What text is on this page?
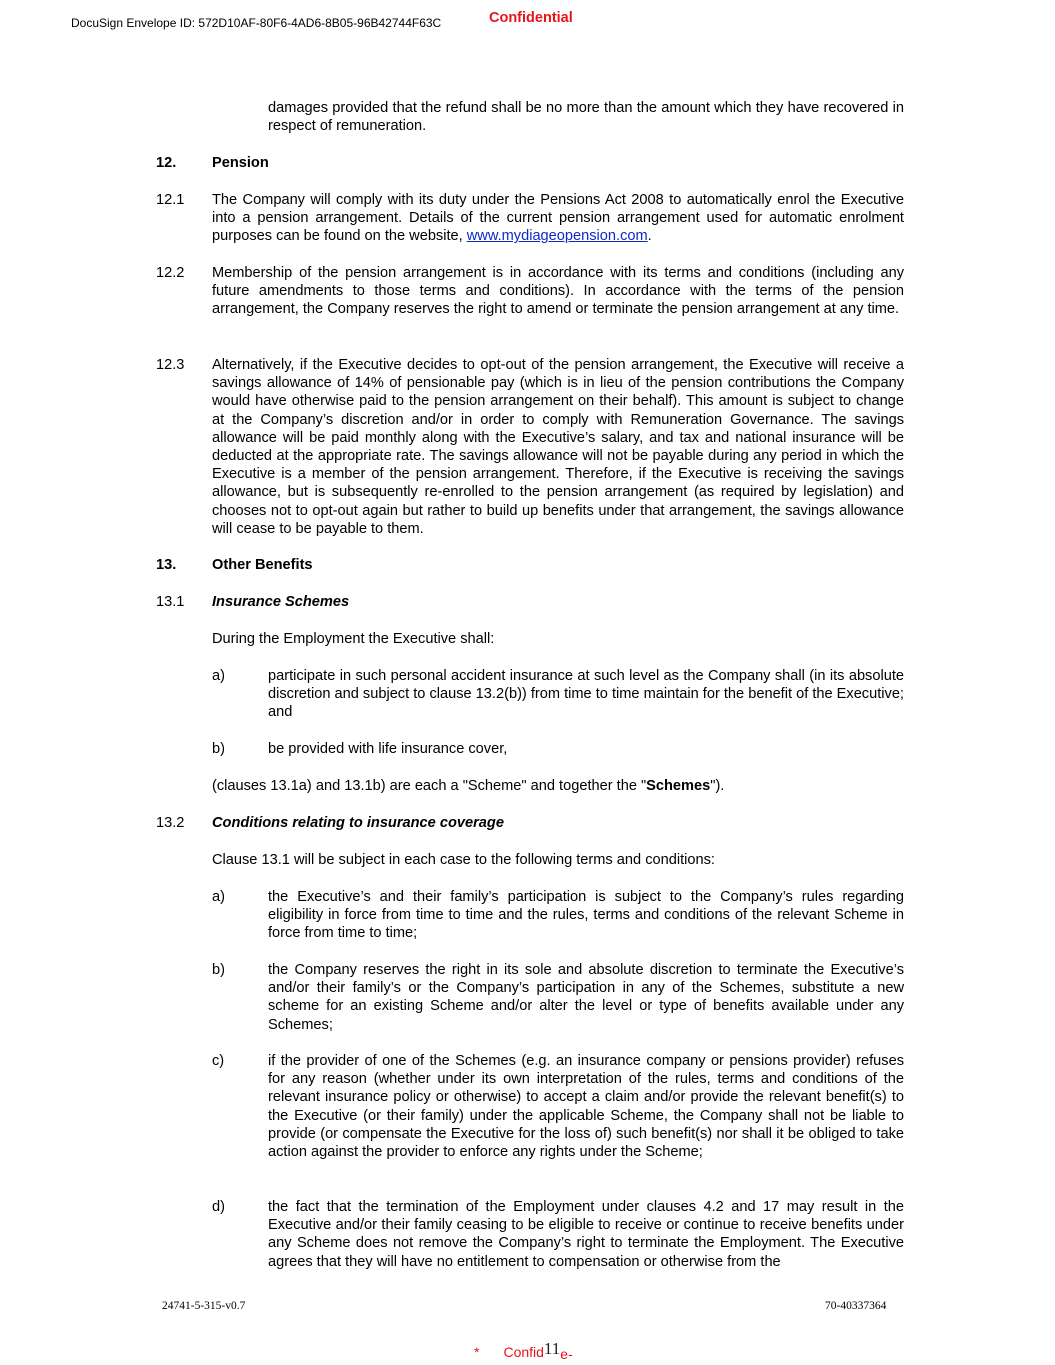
DocuSign Envelope ID: 572D10AF-80F6-4AD6-8B05-96B42744F63C	Confidential
damages provided that the refund shall be no more than the amount which they have recovered in respect of remuneration.
12. Pension
12.1 The Company will comply with its duty under the Pensions Act 2008 to automatically enrol the Executive into a pension arrangement. Details of the current pension arrangement used for automatic enrolment purposes can be found on the website, www.mydiageopension.com.
12.2 Membership of the pension arrangement is in accordance with its terms and conditions (including any future amendments to those terms and conditions). In accordance with the terms of the pension arrangement, the Company reserves the right to amend or terminate the pension arrangement at any time.
12.3 Alternatively, if the Executive decides to opt-out of the pension arrangement, the Executive will receive a savings allowance of 14% of pensionable pay (which is in lieu of the pension contributions the Company would have otherwise paid to the pension arrangement on their behalf). This amount is subject to change at the Company’s discretion and/or in order to comply with Remuneration Governance. The savings allowance will be paid monthly along with the Executive’s salary, and tax and national insurance will be deducted at the appropriate rate. The savings allowance will not be payable during any period in which the Executive is a member of the pension arrangement. Therefore, if the Executive is receiving the savings allowance, but is subsequently re-enrolled to the pension arrangement (as required by legislation) and chooses not to opt-out again but rather to build up benefits under that arrangement, the savings allowance will cease to be payable to them.
13. Other Benefits
13.1 Insurance Schemes
During the Employment the Executive shall:
a)	participate in such personal accident insurance at such level as the Company shall (in its absolute discretion and subject to clause 13.2(b)) from time to time maintain for the benefit of the Executive; and
b)	be provided with life insurance cover,
(clauses 13.1a) and 13.1b) are each a "Scheme" and together the "Schemes").
13.2 Conditions relating to insurance coverage
Clause 13.1 will be subject in each case to the following terms and conditions:
a)	the Executive’s and their family’s participation is subject to the Company’s rules regarding eligibility in force from time to time and the rules, terms and conditions of the relevant Scheme in force from time to time;
b)	the Company reserves the right in its sole and absolute discretion to terminate the Executive’s and/or their family’s or the Company’s participation in any of the Schemes, substitute a new scheme for an existing Scheme and/or alter the level or type of benefits available under any Schemes;
c)	if the provider of one of the Schemes (e.g. an insurance company or pensions provider) refuses for any reason (whether under its own interpretation of the rules, terms and conditions of the relevant insurance policy or otherwise) to accept a claim and/or provide the relevant benefit(s) to the Executive (or their family) under the applicable Scheme, the Company shall not be liable to provide (or compensate the Executive for the loss of) such benefit(s) nor shall it be obliged to take action against the provider to enforce any rights under the Scheme;
d)	the fact that the termination of the Employment under clauses 4.2 and 17 may result in the Executive and/or their family ceasing to be eligible to receive or continue to receive benefits under any Scheme does not remove the Company’s right to terminate the Employment. The Executive agrees that they will have no entitlement to compensation or otherwise from the
24741-5-315-v0.7	70-40337364
* Confid11e-
